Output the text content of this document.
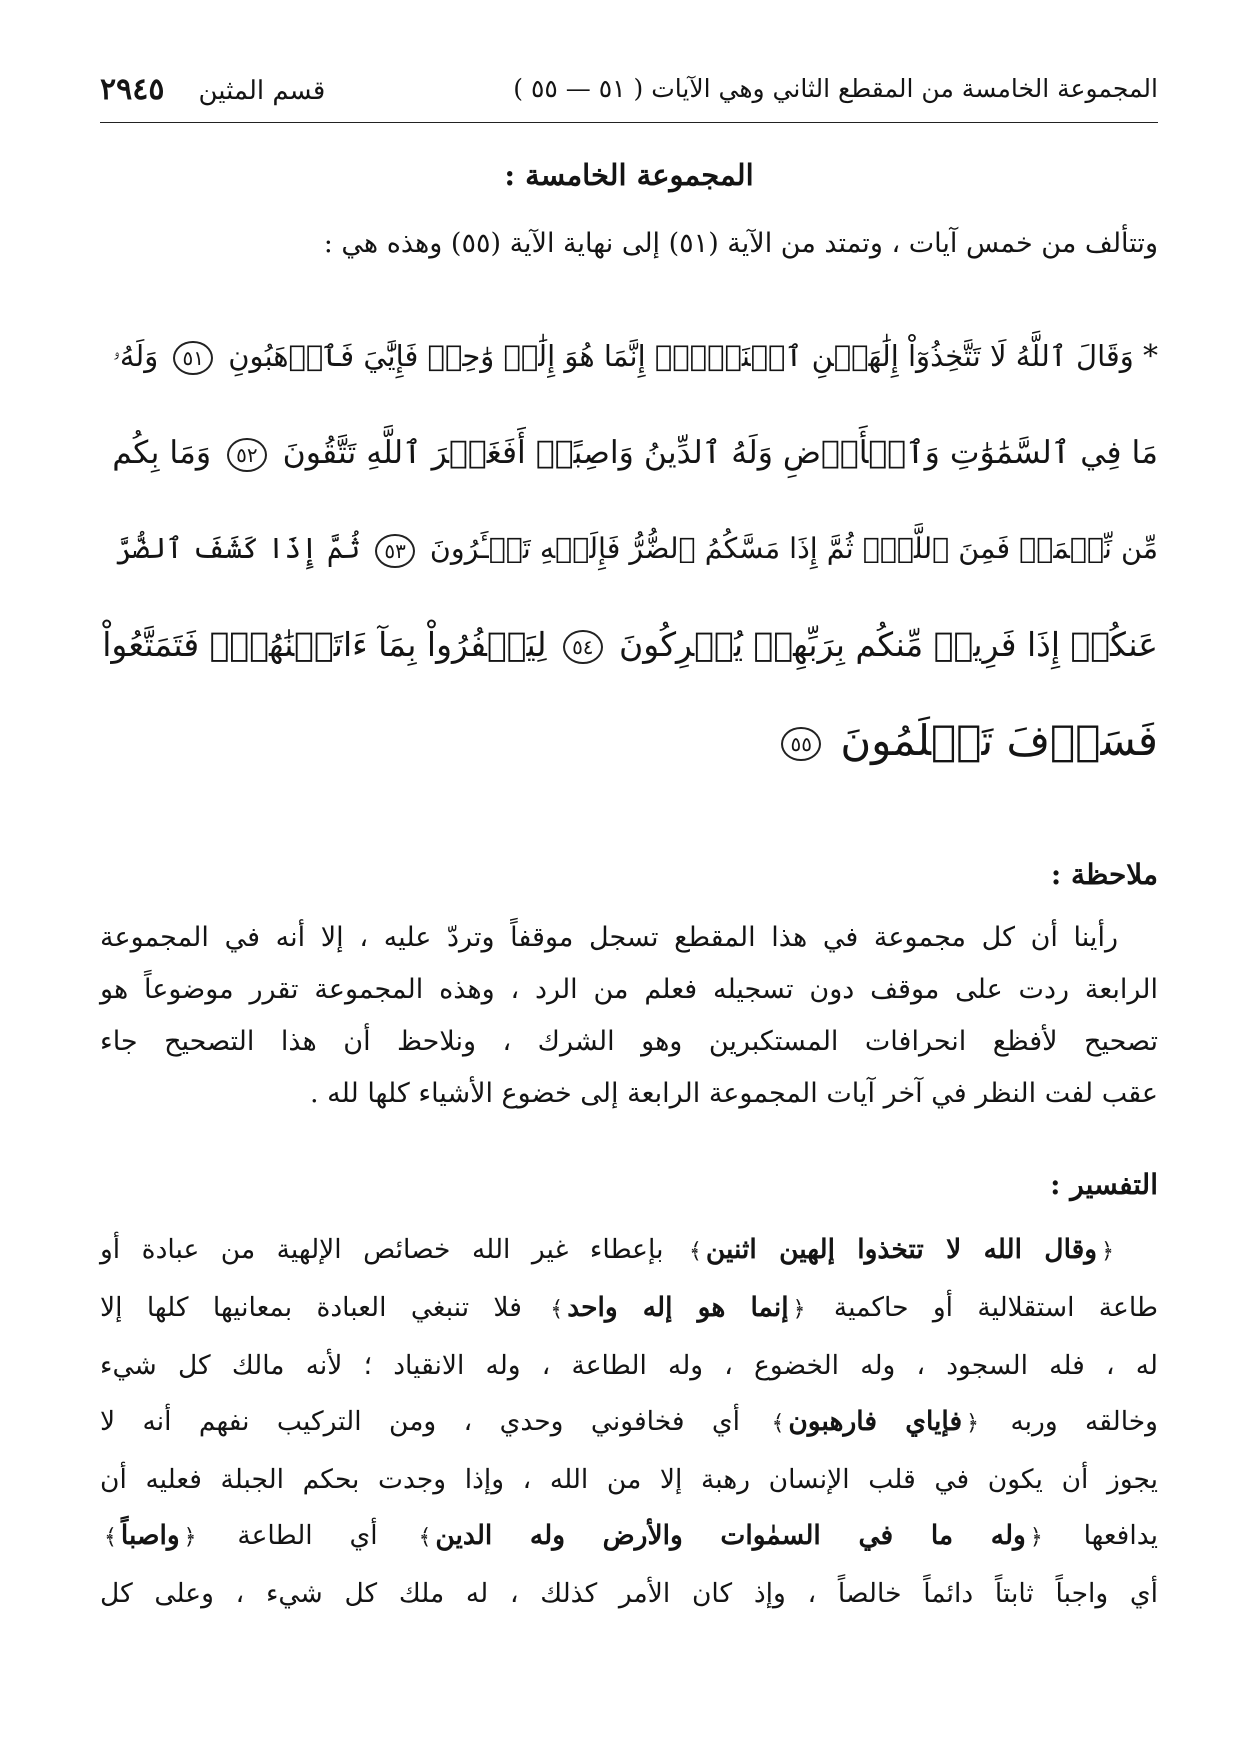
٢٩٤٥ قسم المثين	المجموعة الخامسة من المقطع الثاني وهي الآيات ( ٥١ — ٥٥ )
المجموعة الخامسة :
وتتألف من خمس آيات ، وتمتد من الآية (٥١) إلى نهاية الآية (٥٥) وهذه هي :
* وَقَالَ ٱللَّهُ لَا تَتَّخِذُوٓاْ إِلَٰهَيۡنِ ٱثۡنَيۡنِۖ إِنَّمَا هُوَ إِلَٰهٞ وَٰحِدٞ فَإِيَّٰيَ فَٱرۡهَبُونِ ٥١ وَلَهُۥ
مَا فِي ٱلسَّمَٰوَٰتِ وَٱلۡأَرۡضِ وَلَهُ ٱلدِّينُ وَاصِبًاۚ أَفَغَيۡرَ ٱللَّهِ تَتَّقُونَ ٥٢ وَمَا بِكُم
مِّن نِّعۡمَةٖ فَمِنَ ٱللَّهِۖ ثُمَّ إِذَا مَسَّكُمُ ٱلضُّرُّ فَإِلَيۡهِ تَجۡـَٔرُونَ ٥٣ ثُمَّ إِذَا كَشَفَ ٱلضُّرَّ
عَنكُمۡ إِذَا فَرِيقٞ مِّنكُم بِرَبِّهِمۡ يُشۡرِكُونَ ٥٤ لِيَكۡفُرُواْ بِمَآ ءَاتَيۡنَٰهُمۡۚ فَتَمَتَّعُواْ
فَسَوۡفَ تَعۡلَمُونَ ٥٥
ملاحظة :
رأينا أن كل مجموعة في هذا المقطع تسجل موقفاً وتردّ عليه ، إلا أنه في المجموعة
الرابعة ردت على موقف دون تسجيله فعلم من الرد ، وهذه المجموعة تقرر موضوعاً هو
تصحيح لأفظع انحرافات المستكبرين وهو الشرك ، ونلاحظ أن هذا التصحيح جاء
عقب لفت النظر في آخر آيات المجموعة الرابعة إلى خضوع الأشياء كلها لله .
التفسير :
﴿وقال الله لا تتخذوا إلهين اثنين﴾ بإعطاء غير الله خصائص الإلهية من عبادة أو
طاعة استقلالية أو حاكمية ﴿إنما هو إله واحد﴾ فلا تنبغي العبادة بمعانيها كلها إلا
له ، فله السجود ، وله الخضوع ، وله الطاعة ، وله الانقياد ؛ لأنه مالك كل شيء
وخالقه وربه ﴿فإياي فارهبون﴾ أي فخافوني وحدي ، ومن التركيب نفهم أنه لا
يجوز أن يكون في قلب الإنسان رهبة إلا من الله ، وإذا وجدت بحكم الجبلة فعليه أن
يدافعها ﴿وله ما في السمٰوات والأرض وله الدين﴾ أي الطاعة ﴿واصباً﴾
أي واجباً ثابتاً دائماً خالصاً ، وإذ كان الأمر كذلك ، له ملك كل شيء ، وعلى كل
